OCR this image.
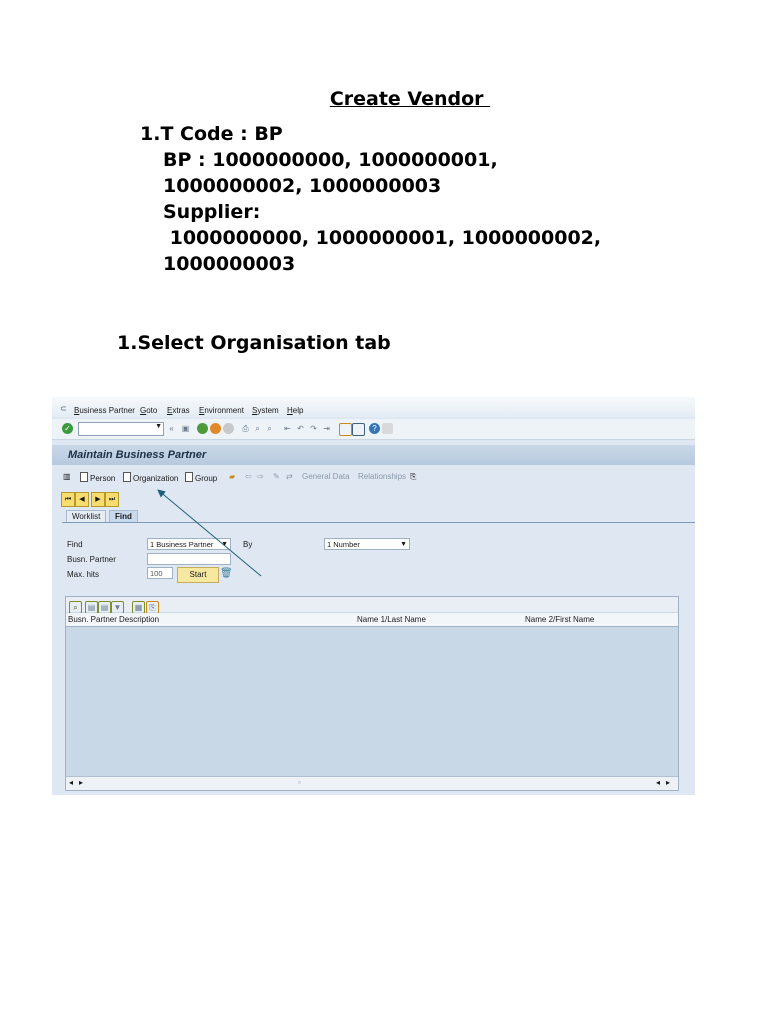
Create Vendor
1.T Code : BP
BP : 1000000000, 1000000001,
1000000002, 1000000003
Supplier:
1000000000, 1000000001, 1000000002,
1000000003
1.Select Organisation tab
⊂ Business Partner Goto Extras Environment System Help
✓	▼ «	▣	⎙ ⌕ ⌕	⇤ ↶ ↷ ⇥	?
Maintain Business Partner
▥	Person	Organization	Group ▰ ⇦ ⇨ ✎ ⇄ General Data Relationships ⎘
⏮	◀	▶	⏭
Worklist	Find
Find	1 Business Partner ▼ By	1 Number	▼
Busn. Partner
Max. hits	100	Start	🗑
⌕	▤ ▤ ▼	▦ ⎘
Busn. Partner Description	Name 1/Last Name	Name 2/First Name
◂ ▸	▫	◂ ▸
